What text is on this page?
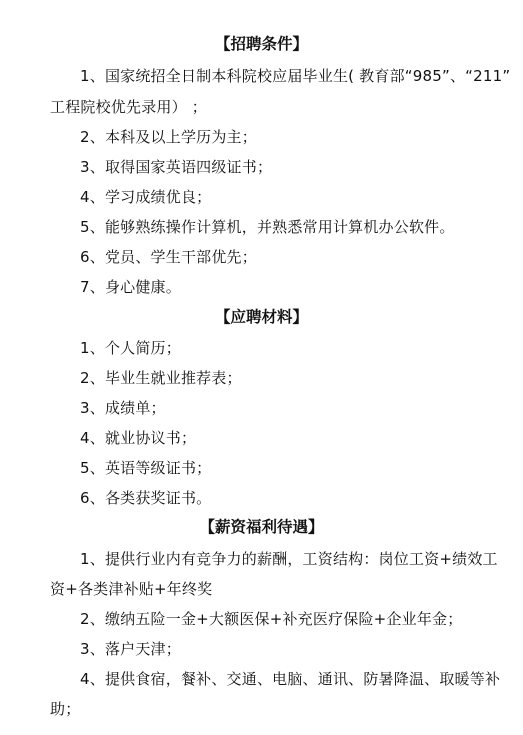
【招聘条件】
1、国家统招全日制本科院校应届毕业生( 教育部“985”、“211”
工程院校优先录用） ；
2、本科及以上学历为主；
3、取得国家英语四级证书；
4、学习成绩优良；
5、能够熟练操作计算机，并熟悉常用计算机办公软件。
6、党员、学生干部优先；
7、身心健康。
【应聘材料】
1、个人简历；
2、毕业生就业推荐表；
3、成绩单；
4、就业协议书；
5、英语等级证书；
6、各类获奖证书。
【薪资福利待遇】
1、提供行业内有竞争力的薪酬，工资结构：岗位工资+绩效工
资+各类津补贴+年终奖
2、缴纳五险一金+大额医保+补充医疗保险+企业年金；
3、落户天津；
4、提供食宿，餐补、交通、电脑、通讯、防暑降温、取暖等补
助；
